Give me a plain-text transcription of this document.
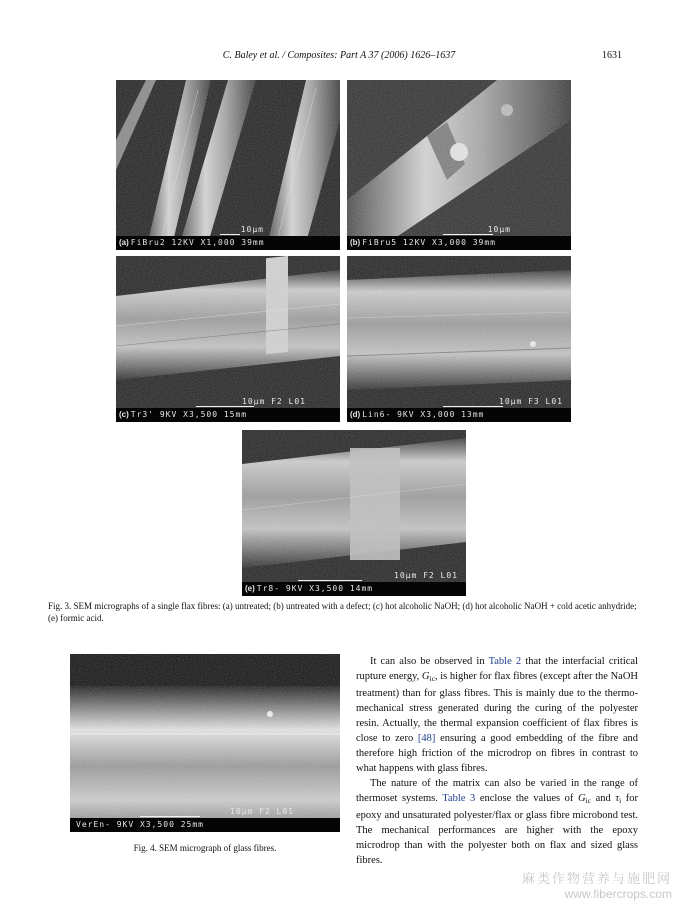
C. Baley et al. / Composites: Part A 37 (2006) 1626–1637	1631
10µm
(a) FiBru2 12KV X1,000 39mm
10µm
(b) FiBru5 12KV X3,000 39mm
10µm F2 L01
(c) Tr3' 9KV X3,500 15mm
10µm F3 L01
(d) Lin6- 9KV X3,000 13mm
10µm F2 L01
(e) Tr8- 9KV X3,500 14mm
Fig. 3. SEM micrographs of a single flax fibres: (a) untreated; (b) untreated with a defect; (c) hot alcoholic NaOH; (d) hot alcoholic NaOH + cold acetic anhydride; (e) formic acid.
10µm F2 L01
VerEn- 9KV X3,500 25mm
Fig. 4. SEM micrograph of glass fibres.

It can also be observed in Table 2 that the interfacial critical rupture energy, $G_{ic}$, is higher for flax fibres (except after the NaOH treatment) than for glass fibres. This is mainly due to the thermo-mechanical stress generated during the curing of the polyester resin. Actually, the thermal expansion coefficient of flax fibres is close to zero [48] ensuring a good embedding of the fibre and therefore high friction of the microdrop on fibres in contrast to what happens with glass fibres.

The nature of the matrix can also be varied in the range of thermoset systems. Table 3 enclose the values of $G_{ic}$ and $\tau_i$ for epoxy and unsaturated polyester/flax or glass fibre microbond test. The mechanical performances are higher with the epoxy microdrop than with the polyester both on flax and sized glass fibres.

麻类作物营养与施肥网
www.fibercrops.com
